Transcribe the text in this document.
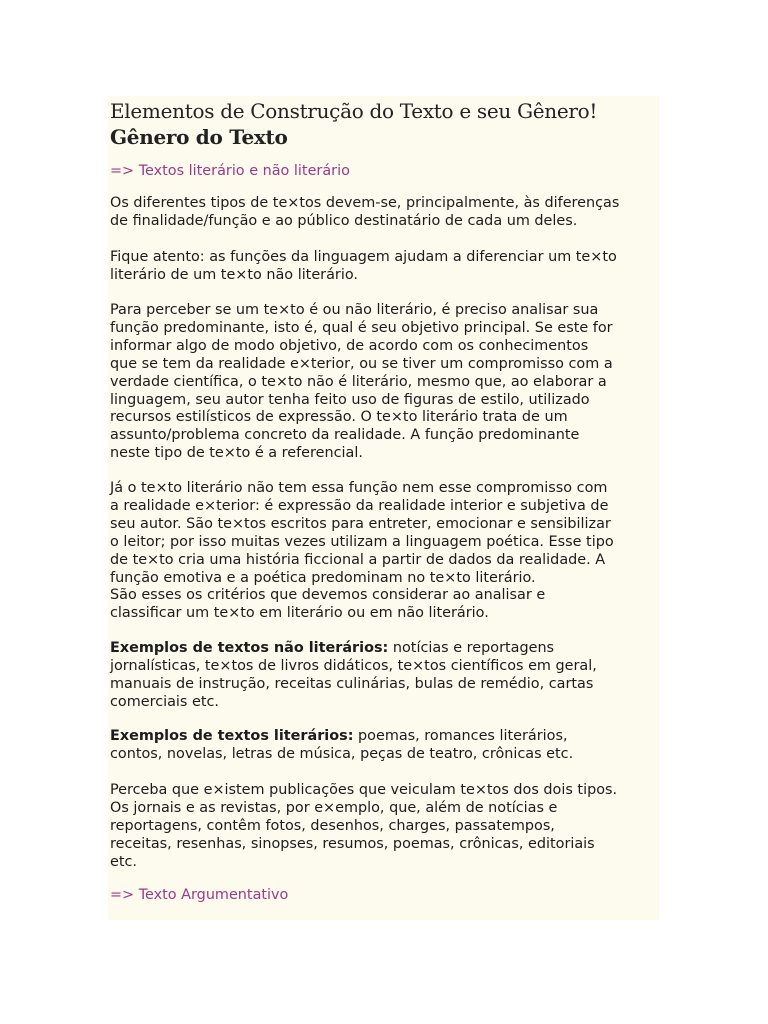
Elementos de Construção do Texto e seu Gênero!
Gênero do Texto
=> Textos literário e não literário

Os diferentes tipos de te×tos devem-se, principalmente, às diferenças
de finalidade/função e ao público destinatário de cada um deles.

Fique atento: as funções da linguagem ajudam a diferenciar um te×to
literário de um te×to não literário.

Para perceber se um te×to é ou não literário, é preciso analisar sua
função predominante, isto é, qual é seu objetivo principal. Se este for
informar algo de modo objetivo, de acordo com os conhecimentos
que se tem da realidade e×terior, ou se tiver um compromisso com a
verdade científica, o te×to não é literário, mesmo que, ao elaborar a
linguagem, seu autor tenha feito uso de figuras de estilo, utilizado
recursos estilísticos de expressão. O te×to literário trata de um
assunto/problema concreto da realidade. A função predominante
neste tipo de te×to é a referencial.

Já o te×to literário não tem essa função nem esse compromisso com
a realidade e×terior: é expressão da realidade interior e subjetiva de
seu autor. São te×tos escritos para entreter, emocionar e sensibilizar
o leitor; por isso muitas vezes utilizam a linguagem poética. Esse tipo
de te×to cria uma história ficcional a partir de dados da realidade. A
função emotiva e a poética predominam no te×to literário.
São esses os critérios que devemos considerar ao analisar e
classificar um te×to em literário ou em não literário.

Exemplos de textos não literários: notícias e reportagens
jornalísticas, te×tos de livros didáticos, te×tos científicos em geral,
manuais de instrução, receitas culinárias, bulas de remédio, cartas
comerciais etc.

Exemplos de textos literários: poemas, romances literários,
contos, novelas, letras de música, peças de teatro, crônicas etc.

Perceba que e×istem publicações que veiculam te×tos dos dois tipos.
Os jornais e as revistas, por e×emplo, que, além de notícias e
reportagens, contêm fotos, desenhos, charges, passatempos,
receitas, resenhas, sinopses, resumos, poemas, crônicas, editoriais
etc.

=> Texto Argumentativo
